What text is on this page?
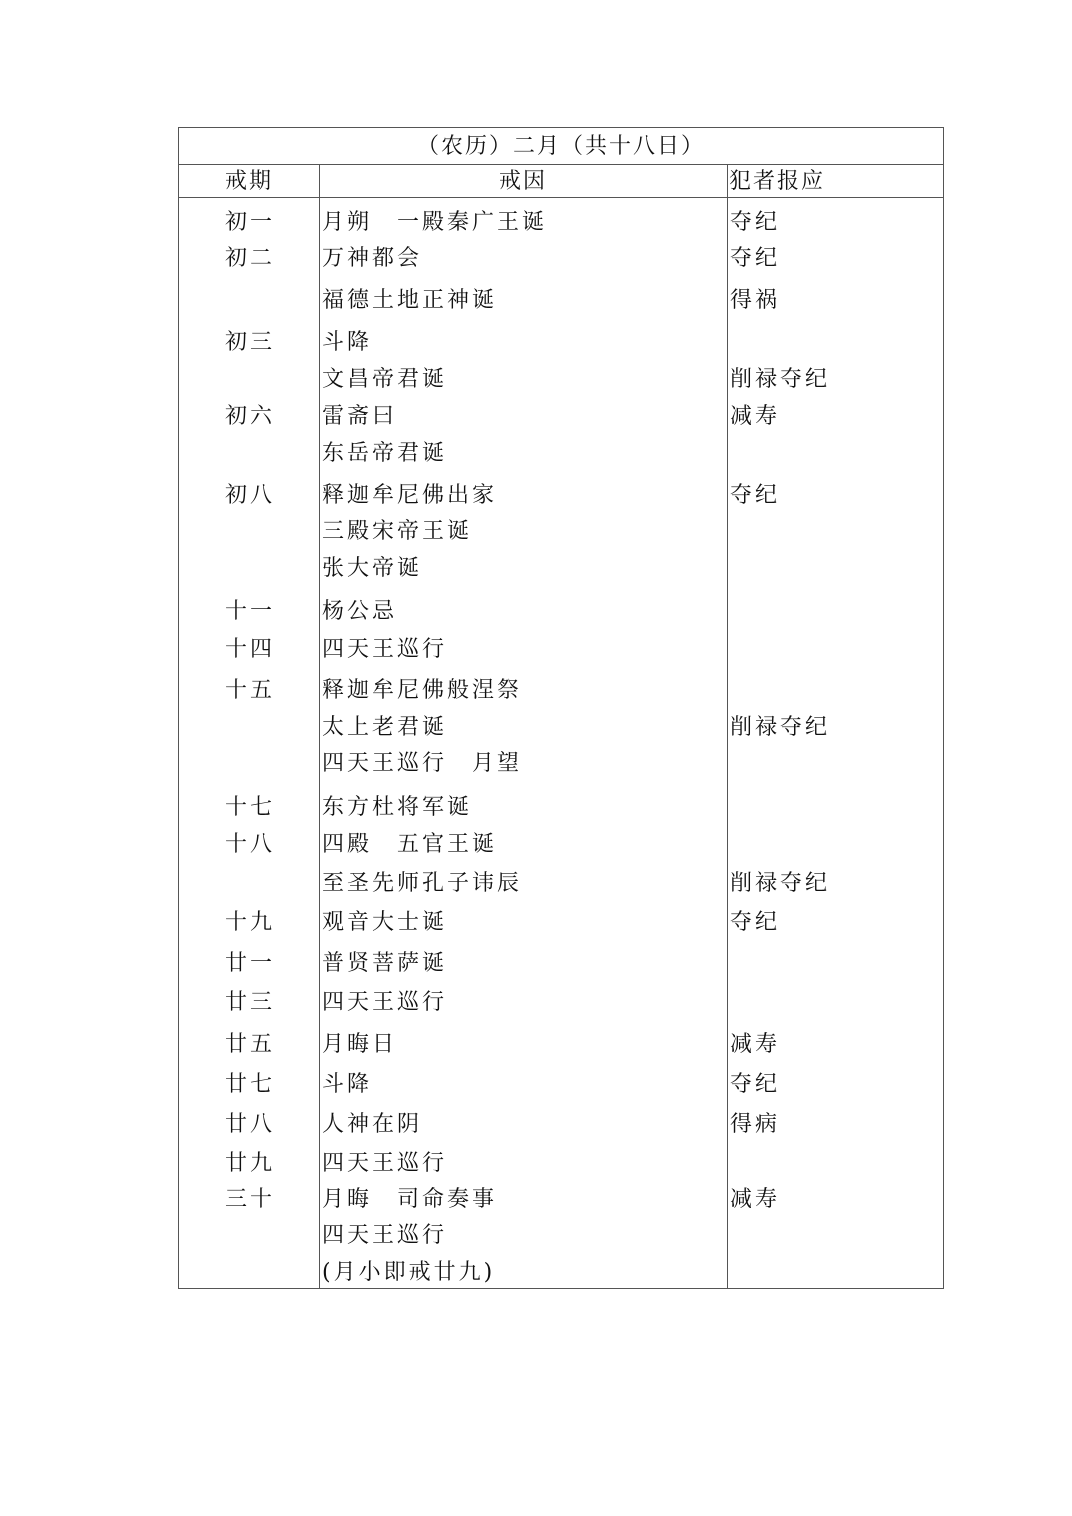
（农历）二月（共十八日）
戒期	戒因	犯者报应
初一 月朔　一殿秦广王诞	夺纪
初二 万神都会	夺纪
福德土地正神诞	得祸
初三 斗降
文昌帝君诞	削禄夺纪
初六 雷斋曰	减寿
东岳帝君诞
初八 释迦牟尼佛出家	夺纪
三殿宋帝王诞
张大帝诞
十一 杨公忌
十四 四天王巡行
十五 释迦牟尼佛般涅祭
太上老君诞	削禄夺纪
四天王巡行　月望
十七 东方杜将军诞
十八 四殿　五官王诞
至圣先师孔子讳辰	削禄夺纪
十九 观音大士诞	夺纪
廿一 普贤菩萨诞
廿三 四天王巡行
廿五 月晦日	减寿
廿七 斗降	夺纪
廿八 人神在阴	得病
廿九 四天王巡行
三十 月晦　司命奏事	减寿
四天王巡行
(月小即戒廿九)
